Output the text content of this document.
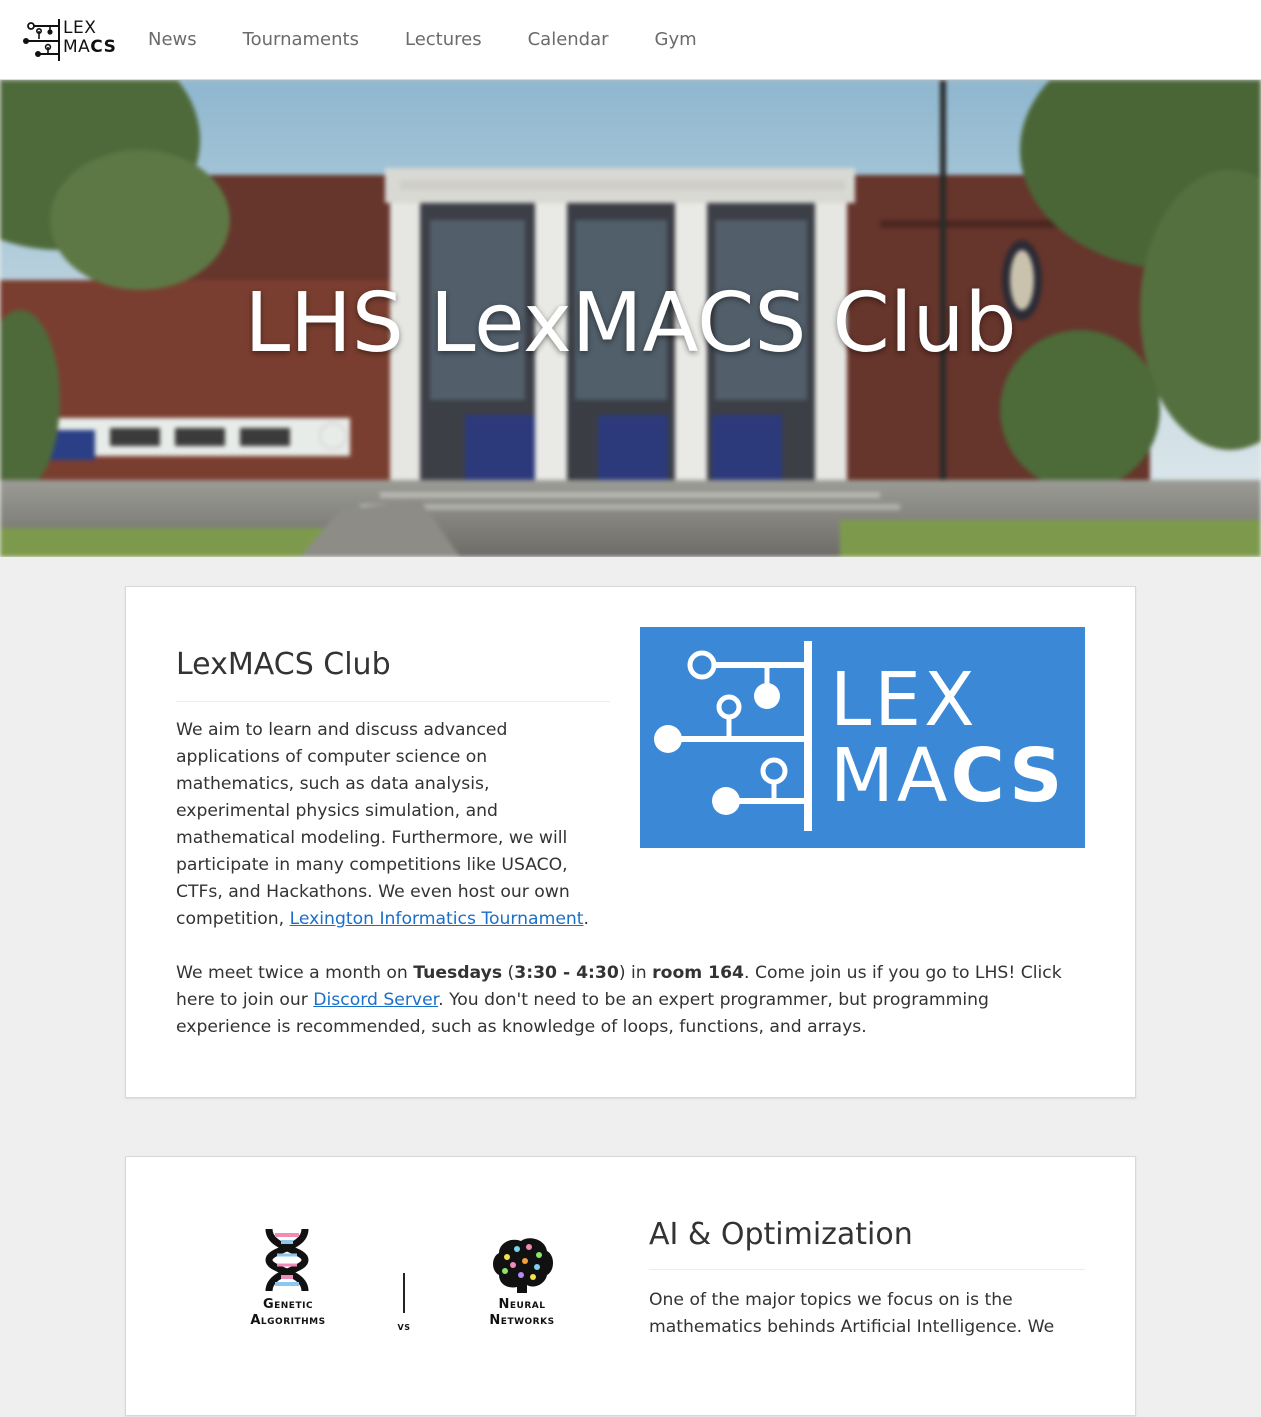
LEX
MACS News	Tournaments	Lectures	Calendar	Gym
LHS LexMACS Club
LexMACS Club
We aim to learn and discuss advanced
applications of computer science on
mathematics, such as data analysis,
experimental physics simulation, and
mathematical modeling. Furthermore, we will
participate in many competitions like USACO,
CTFs, and Hackathons. We even host our own
competition, Lexington Informatics Tournament.
LEX
MACS
We meet twice a month on Tuesdays (3:30 - 4:30) in room 164. Come join us if you go to LHS! Click
here to join our Discord Server. You don't need to be an expert programmer, but programming
experience is recommended, such as knowledge of loops, functions, and arrays.
Genetic
Algorithms	vs
Neural
Networks
AI & Optimization
One of the major topics we focus on is the
mathematics behinds Artificial Intelligence. We
